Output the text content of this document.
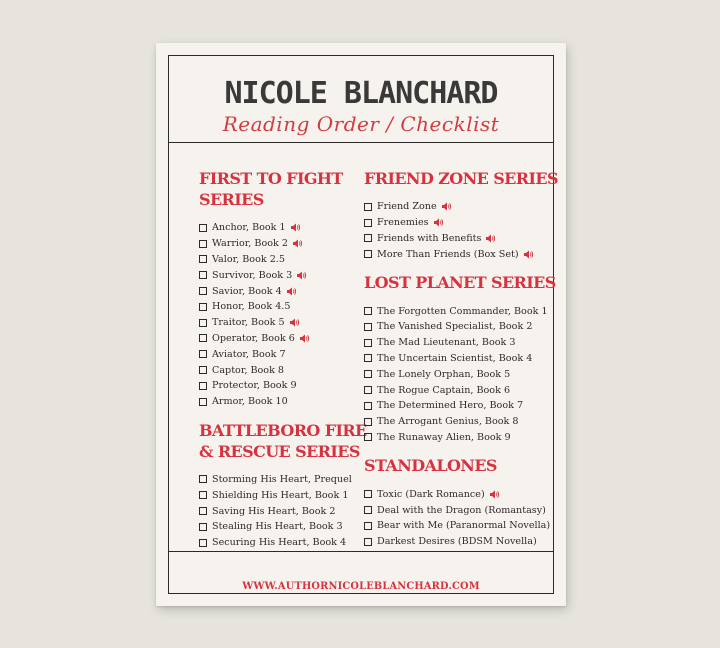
NICOLE BLANCHARD
Reading Order / Checklist
FIRST TO FIGHT
SERIES
Anchor, Book 1
Warrior, Book 2
Valor, Book 2.5
Survivor, Book 3
Savior, Book 4
Honor, Book 4.5
Traitor, Book 5
Operator, Book 6
Aviator, Book 7
Captor, Book 8
Protector, Book 9
Armor, Book 10
BATTLEBORO FIRE
& RESCUE SERIES
Storming His Heart, Prequel
Shielding His Heart, Book 1
Saving His Heart, Book 2
Stealing His Heart, Book 3
Securing His Heart, Book 4
FRIEND ZONE SERIES
Friend Zone
Frenemies
Friends with Benefits
More Than Friends (Box Set)
LOST PLANET SERIES
The Forgotten Commander, Book 1
The Vanished Specialist, Book 2
The Mad Lieutenant, Book 3
The Uncertain Scientist, Book 4
The Lonely Orphan, Book 5
The Rogue Captain, Book 6
The Determined Hero, Book 7
The Arrogant Genius, Book 8
The Runaway Alien, Book 9
STANDALONES
Toxic (Dark Romance)
Deal with the Dragon (Romantasy)
Bear with Me (Paranormal Novella)
Darkest Desires (BDSM Novella)
WWW.AUTHORNICOLEBLANCHARD.COM
